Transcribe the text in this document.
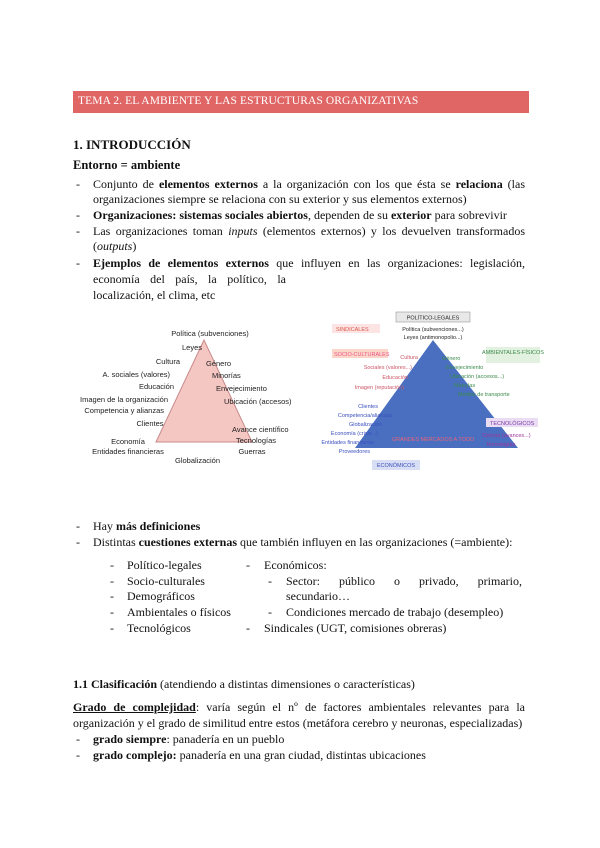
TEMA 2. EL AMBIENTE Y LAS ESTRUCTURAS ORGANIZATIVAS
1. INTRODUCCIÓN
Entorno = ambiente
- Conjunto de elementos externos a la organización con los que ésta se relaciona (las
organizaciones siempre se relaciona con su exterior y sus elementos externos)
- Organizaciones: sistemas sociales abiertos, dependen de su exterior para sobrevivir
- Las organizaciones toman inputs (elementos externos) y los devuelven transformados
(outputs)
- Ejemplos de elementos externos que influyen en las organizaciones: legislación,
economía del país, la político, la
localización, el clima, etc
Política (subvenciones)
Leyes
Cultura	Género
A. sociales (valores)	Minorías
Educación	Envejecimiento
Imagen de la organización	Ubicación (accesos)
Competencia y alianzas
Clientes
Avance científico
Economía	Tecnologías
Entidades financieras	Guerras
Globalización
POLÍTICO-LEGALES
Política (subvenciones...)
Leyes (antimonopolio...)
SINDICALES
SOCIO-CULTURALES Cultura
Sociales (valores...)
Educación
Imagen (reputación)
AMBIENTALES-FÍSICOS
Género
Envejecimiento
Ubicación (accesos...)
Minorías
Medios de transporte
TECNOLÓGICOS
Ciencia (avances...)
Tecnologías
Clientes
Competencia/alianzas
Globalización
Economía (crisis...)
Entidades financieras
Proveedores
GRANDES MERCADOS A TODO
ECONÓMICOS
- Hay más definiciones
- Distintas cuestiones externas que también influyen en las organizaciones (=ambiente):
- Político-legales
- Socio-culturales
- Demográficos
- Ambientales o físicos
- Tecnológicos
- Económicos:
- Sector: público o privado, primario,
secundario…
- Condiciones mercado de trabajo (desempleo)
- Sindicales (UGT, comisiones obreras)
1.1 Clasificación (atendiendo a distintas dimensiones o características)
Grado de complejidad: varía según el nº de factores ambientales relevantes para la
organización y el grado de similitud entre estos (metáfora cerebro y neuronas, especializadas)
- grado siempre: panadería en un pueblo
- grado complejo: panadería en una gran ciudad, distintas ubicaciones
